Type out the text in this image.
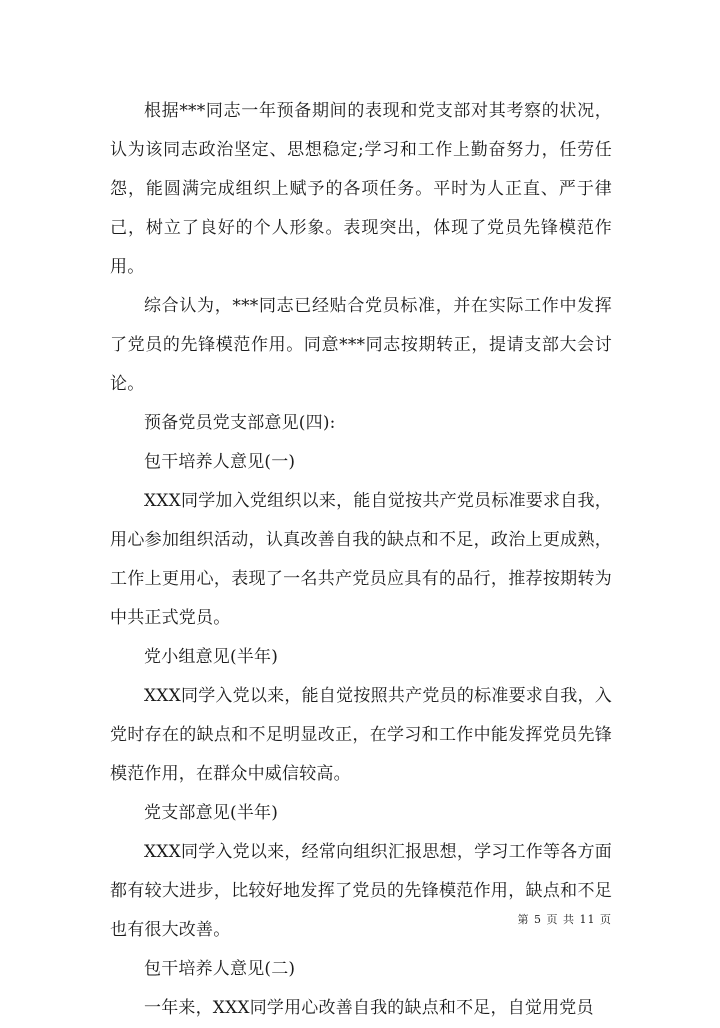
根据***同志一年预备期间的表现和党支部对其考察的状况，认为该同志政治坚定、思想稳定;学习和工作上勤奋努力，任劳任怨，能圆满完成组织上赋予的各项任务。平时为人正直、严于律己，树立了良好的个人形象。表现突出，体现了党员先锋模范作用。

综合认为，***同志已经贴合党员标准，并在实际工作中发挥了党员的先锋模范作用。同意***同志按期转正，提请支部大会讨论。

预备党员党支部意见(四):

包干培养人意见(一)

XXX同学加入党组织以来，能自觉按共产党员标准要求自我，用心参加组织活动，认真改善自我的缺点和不足，政治上更成熟，工作上更用心，表现了一名共产党员应具有的品行，推荐按期转为中共正式党员。

党小组意见(半年)

XXX同学入党以来，能自觉按照共产党员的标准要求自我，入党时存在的缺点和不足明显改正，在学习和工作中能发挥党员先锋模范作用，在群众中威信较高。

党支部意见(半年)

XXX同学入党以来，经常向组织汇报思想，学习工作等各方面都有较大进步，比较好地发挥了党员的先锋模范作用，缺点和不足也有很大改善。

包干培养人意见(二)

一年来，XXX同学用心改善自我的缺点和不足，自觉用党员

第 5 页 共 11 页
